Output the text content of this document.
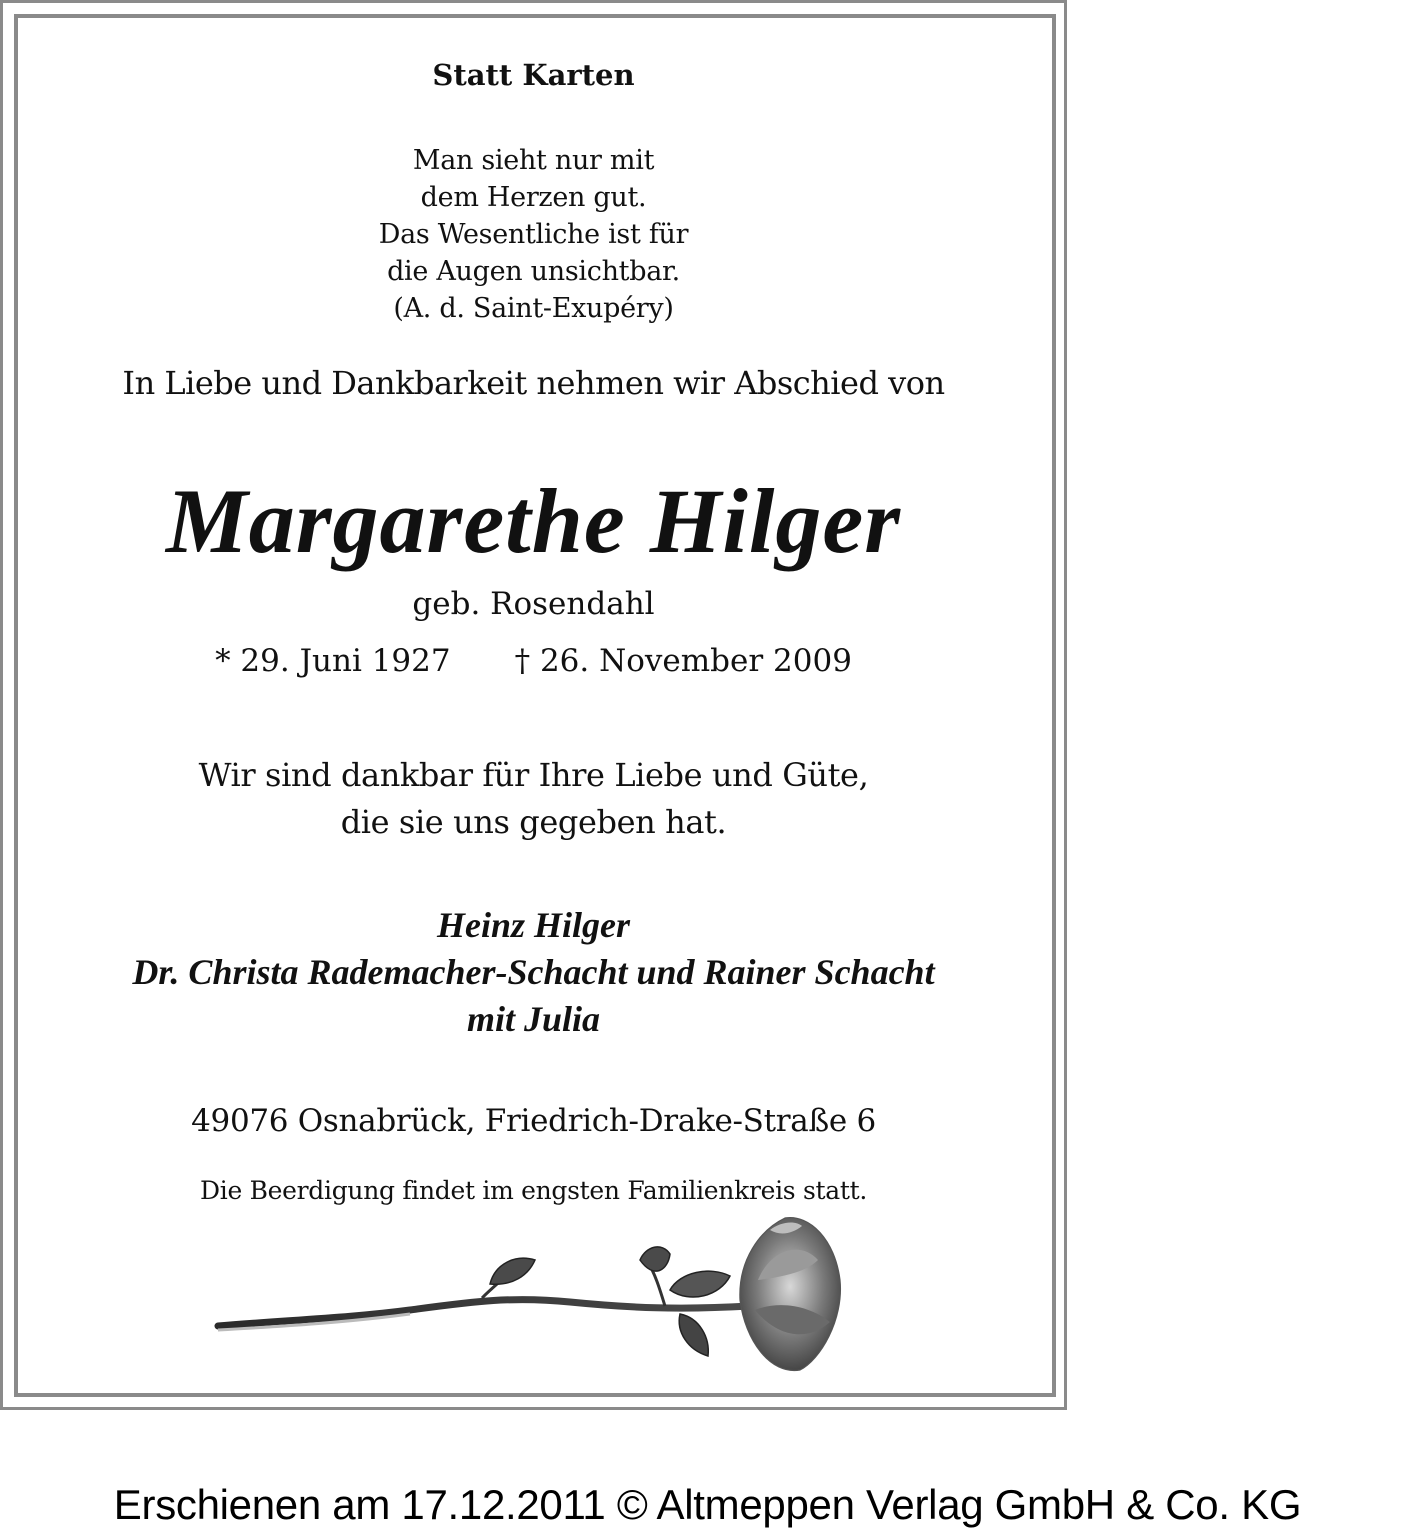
Statt Karten
Man sieht nur mit
dem Herzen gut.
Das Wesentliche ist für
die Augen unsichtbar.
(A. d. Saint-Exupéry)
In Liebe und Dankbarkeit nehmen wir Abschied von
Margarethe Hilger
geb. Rosendahl
* 29. Juni 1927 † 26. November 2009
Wir sind dankbar für Ihre Liebe und Güte,
die sie uns gegeben hat.
Heinz Hilger
Dr. Christa Rademacher-Schacht und Rainer Schacht
mit Julia
49076 Osnabrück, Friedrich-Drake-Straße 6
Die Beerdigung findet im engsten Familienkreis statt.
Erschienen am 17.12.2011 © Altmeppen Verlag GmbH & Co. KG
